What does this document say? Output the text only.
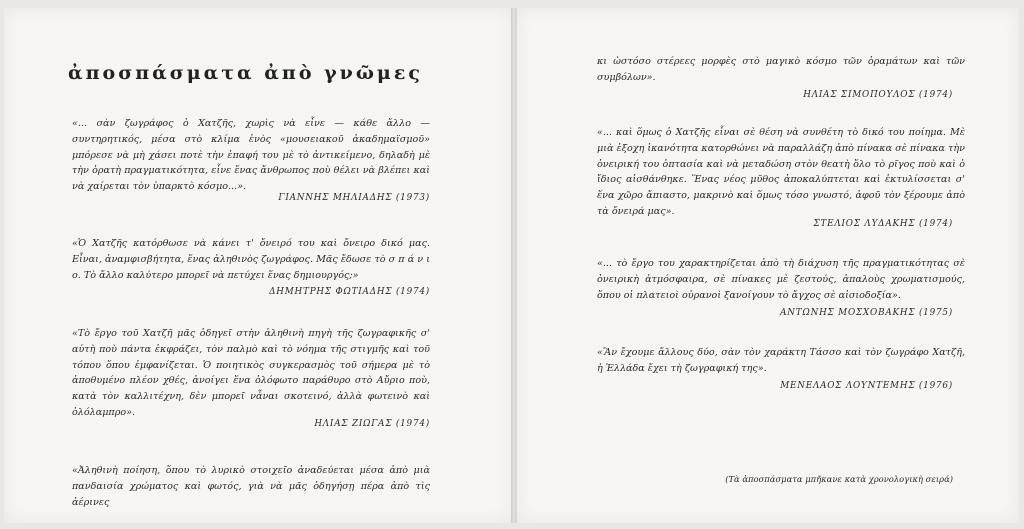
ἀποσπάσματα ἀπὸ γνῶμες
«... σὰν ζωγράφος ὁ Χατζῆς, χωρὶς νὰ εἶνε — κάθε ἄλλο — συντηρητικός, μέσα στὸ κλίμα ἑνὸς «μουσειακοῦ ἀκαδημαϊσμοῦ» μπόρεσε νὰ μὴ χάσει ποτὲ τὴν ἐπαφή του μὲ τὸ ἀντικείμενο, δηλαδὴ μὲ τὴν ὁρατὴ πραγματικότητα, εἶνε ἕνας ἄνθρωπος ποὺ θέλει νὰ βλέπει καὶ νὰ χαίρεται τὸν ὑπαρκτὸ κόσμο...».
ΓΙΑΝΝΗΣ ΜΗΛΙΑΔΗΣ (1973)
«Ὁ Χατζῆς κατόρθωσε νὰ κάνει τ' ὄνειρό του καὶ ὄνειρο δικό μας. Εἶναι, ἀναμφισβήτητα, ἕνας ἀληθινὸς ζωγράφος. Μᾶς ἔδωσε τὸ σ π ά ν ι ο. Τὸ ἄλλο καλύτερο μπορεῖ νὰ πετύχει ἕνας δημιουργός;»
ΔΗΜΗΤΡΗΣ ΦΩΤΙΑΔΗΣ (1974)
«Τὸ ἔργο τοῦ Χατζῆ μᾶς ὁδηγεῖ στὴν ἀληθινὴ πηγὴ τῆς ζωγραφικῆς σ' αὐτὴ ποὺ πάντα ἐκφράζει, τὸν παλμὸ καὶ τὸ νόημα τῆς στιγμῆς καὶ τοῦ τόπου ὅπου ἐμφανίζεται. Ὁ ποιητικὸς συγκερασμὸς τοῦ σήμερα μὲ τὸ ἀποθυμένο πλέον χθές, ἀνοίγει ἕνα ὁλόφωτο παράθυρο στὸ Αὔριο ποὺ, κατὰ τὸν καλλιτέχνη, δὲν μπορεῖ νἆναι σκοτεινό, ἀλλὰ φωτεινὸ καὶ ὁλόλαμπρο».
ΗΛΙΑΣ ΖΙΩΓΑΣ (1974)
«Ἀληθινὴ ποίηση, ὅπου τὸ λυρικὸ στοιχεῖο ἀναδεύεται μέσα ἀπὸ μιὰ πανδαισία χρώματος καὶ φωτός, γιὰ νὰ μᾶς ὁδηγήσῃ πέρα ἀπὸ τὶς ἀέρινες
κι ὡστόσο στέρεες μορφὲς στὸ μαγικὸ κόσμο τῶν ὁραμάτων καὶ τῶν συμβόλων».
ΗΛΙΑΣ ΣΙΜΟΠΟΥΛΟΣ (1974)
«... καὶ ὅμως ὁ Χατζῆς εἶναι σὲ θέση νὰ συνθέτη τὸ δικό του ποίημα. Μὲ μιὰ ἐξοχη ἱκανότητα κατορθώνει νὰ παραλλάζη ἀπὸ πίνακα σὲ πίνακα τὴν ὀνειρική του ὀπτασία καὶ νὰ μεταδώση στὸν θεατὴ ὅλο τὸ ρῖγος ποὺ καὶ ὁ ἴδιος αἰσθάνθηκε. Ἕνας νέος μῦθος ἀποκαλύπτεται καὶ ἐκτυλίσσεται σ' ἕνα χῶρο ἄπιαστο, μακρινὸ καὶ ὅμως τόσο γνωστό, ἀφοῦ τὸν ξέρουμε ἀπὸ τὰ ὄνειρά μας».
ΣΤΕΛΙΟΣ ΛΥΔΑΚΗΣ (1974)
«... τὸ ἔργο του χαρακτηρίζεται ἀπὸ τὴ διάχυση τῆς πραγματικότητας σὲ ὀνειρικὴ ἀτμόσφαιρα, σὲ πίνακες μὲ ζεστούς, ἁπαλοὺς χρωματισμούς, ὅπου οἱ πλατειοὶ οὐρανοὶ ξανοίγουν τὸ ἄγχος σὲ αἰσιοδοξία».
ΑΝΤΩΝΗΣ ΜΟΣΧΟΒΑΚΗΣ (1975)
«Ἂν ἔχουμε ἄλλους δύο, σὰν τὸν χαράκτη Τάσσο καὶ τὸν ζωγράφο Χατζῆ, ἡ Ἑλλάδα ἔχει τὴ ζωγραφική της».
ΜΕΝΕΛΑΟΣ ΛΟΥΝΤΕΜΗΣ (1976)
(Τὰ ἀποσπάσματα μπῆκανε κατὰ χρονολογικὴ σειρά)
